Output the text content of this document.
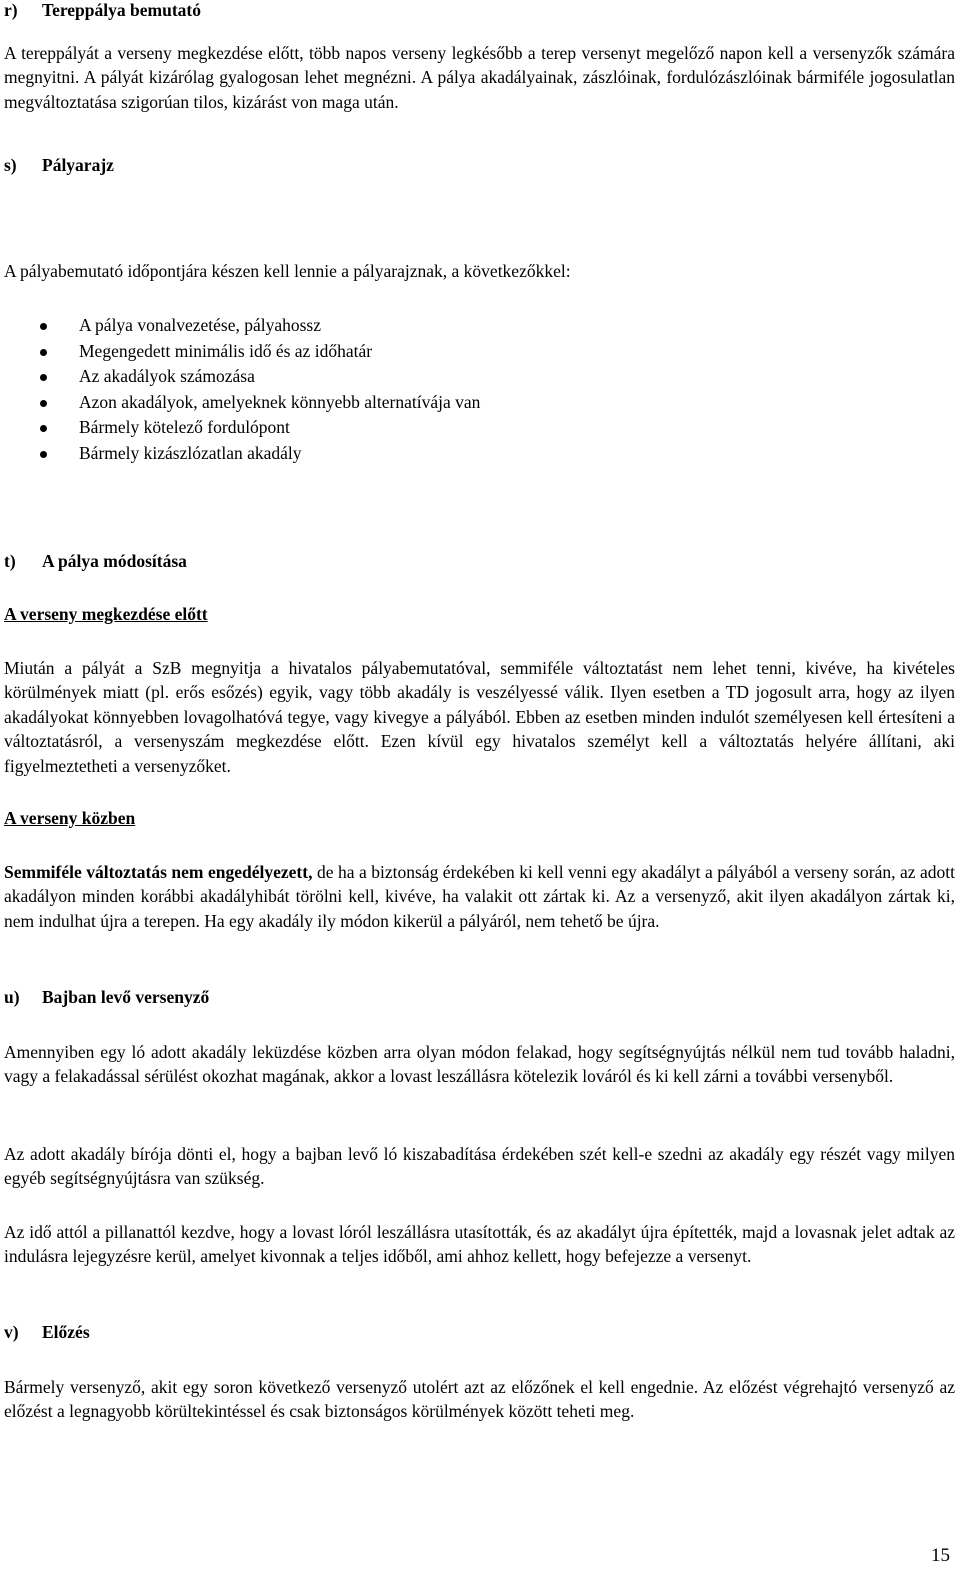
r) Tereppálya bemutató
A tereppályát a verseny megkezdése előtt, több napos verseny legkésőbb a terep versenyt megelőző napon kell a versenyzők számára megnyitni. A pályát kizárólag gyalogosan lehet megnézni. A pálya akadályainak, zászlóinak, fordulózászlóinak bármiféle jogosulatlan megváltoztatása szigorúan tilos, kizárást von maga után.
s) Pályarajz
A pályabemutató időpontjára készen kell lennie a pályarajznak, a következőkkel:
A pálya vonalvezetése, pályahossz
Megengedett minimális idő és az időhatár
Az akadályok számozása
Azon akadályok, amelyeknek könnyebb alternatívája van
Bármely kötelező fordulópont
Bármely kizászlózatlan akadály
t) A pálya módosítása
A verseny megkezdése előtt
Miután a pályát a SzB megnyitja a hivatalos pályabemutatóval, semmiféle változtatást nem lehet tenni, kivéve, ha kivételes körülmények miatt (pl. erős esőzés) egyik, vagy több akadály is veszélyessé válik. Ilyen esetben a TD jogosult arra, hogy az ilyen akadályokat könnyebben lovagolhatóvá tegye, vagy kivegye a pályából. Ebben az esetben minden indulót személyesen kell értesíteni a változtatásról, a versenyszám megkezdése előtt. Ezen kívül egy hivatalos személyt kell a változtatás helyére állítani, aki figyelmeztetheti a versenyzőket.
A verseny közben
Semmiféle változtatás nem engedélyezett, de ha a biztonság érdekében ki kell venni egy akadályt a pályából a verseny során, az adott akadályon minden korábbi akadályhibát törölni kell, kivéve, ha valakit ott zártak ki. Az a versenyző, akit ilyen akadályon zártak ki, nem indulhat újra a terepen. Ha egy akadály ily módon kikerül a pályáról, nem tehető be újra.
u) Bajban levő versenyző
Amennyiben egy ló adott akadály leküzdése közben arra olyan módon felakad, hogy segítségnyújtás nélkül nem tud tovább haladni, vagy a felakadással sérülést okozhat magának, akkor a lovast leszállásra kötelezik lováról és ki kell zárni a további versenyből.
Az adott akadály bírója dönti el, hogy a bajban levő ló kiszabadítása érdekében szét kell-e szedni az akadály egy részét vagy milyen egyéb segítségnyújtásra van szükség.
Az idő attól a pillanattól kezdve, hogy a lovast lóról leszállásra utasították, és az akadályt újra építették, majd a lovasnak jelet adtak az indulásra lejegyzésre kerül, amelyet kivonnak a teljes időből, ami ahhoz kellett, hogy befejezze a versenyt.
v) Előzés
Bármely versenyző, akit egy soron következő versenyző utolért azt az előzőnek el kell engednie. Az előzést végrehajtó versenyző az előzést a legnagyobb körültekintéssel és csak biztonságos körülmények között teheti meg.
15
